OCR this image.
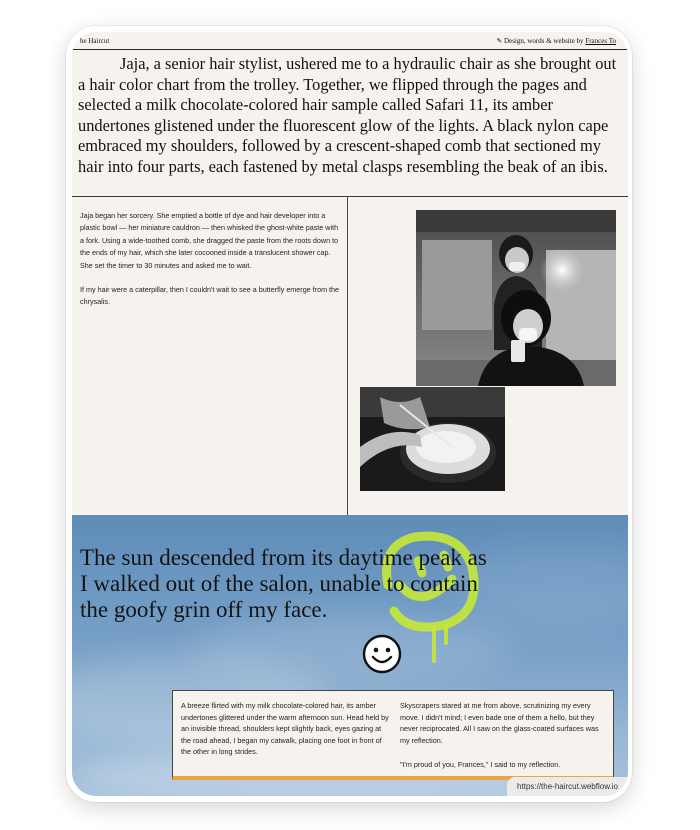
he Haircut	✎ Design, words & website by Frances To

Jaja, a senior hair stylist, ushered me to a hydraulic chair as she brought out a hair color chart from the trolley. Together, we flipped through the pages and selected a milk chocolate-colored hair sample called Safari 11, its amber undertones glistened under the fluorescent glow of the lights. A black nylon cape embraced my shoulders, followed by a crescent-shaped comb that sectioned my hair into four parts, each fastened by metal clasps resembling the beak of an ibis.

Jaja began her sorcery. She emptied a bottle of dye and hair developer into a plastic bowl — her miniature cauldron — then whisked the ghost-white paste with a fork. Using a wide-toothed comb, she dragged the paste from the roots down to the ends of my hair, which she later cocooned inside a translucent shower cap. She set the timer to 30 minutes and asked me to wait.

If my hair were a caterpillar, then I couldn't wait to see a butterfly emerge from the chrysalis.

The sun descended from its daytime peak as I walked out of the salon, unable to contain the goofy grin off my face.

A breeze flirted with my milk chocolate-colored hair, its amber undertones glittered under the warm afternoon sun. Head held by an invisible thread, shoulders kept slightly back, eyes gazing at the road ahead, I began my catwalk, placing one foot in front of the other in long strides.

Skyscrapers stared at me from above, scrutinizing my every move. I didn't mind; I even bade one of them a hello, but they never reciprocated. All I saw on the glass-coated surfaces was my reflection.

"I'm proud of you, Frances," I said to my reflection.

https://the-haircut.webflow.io
